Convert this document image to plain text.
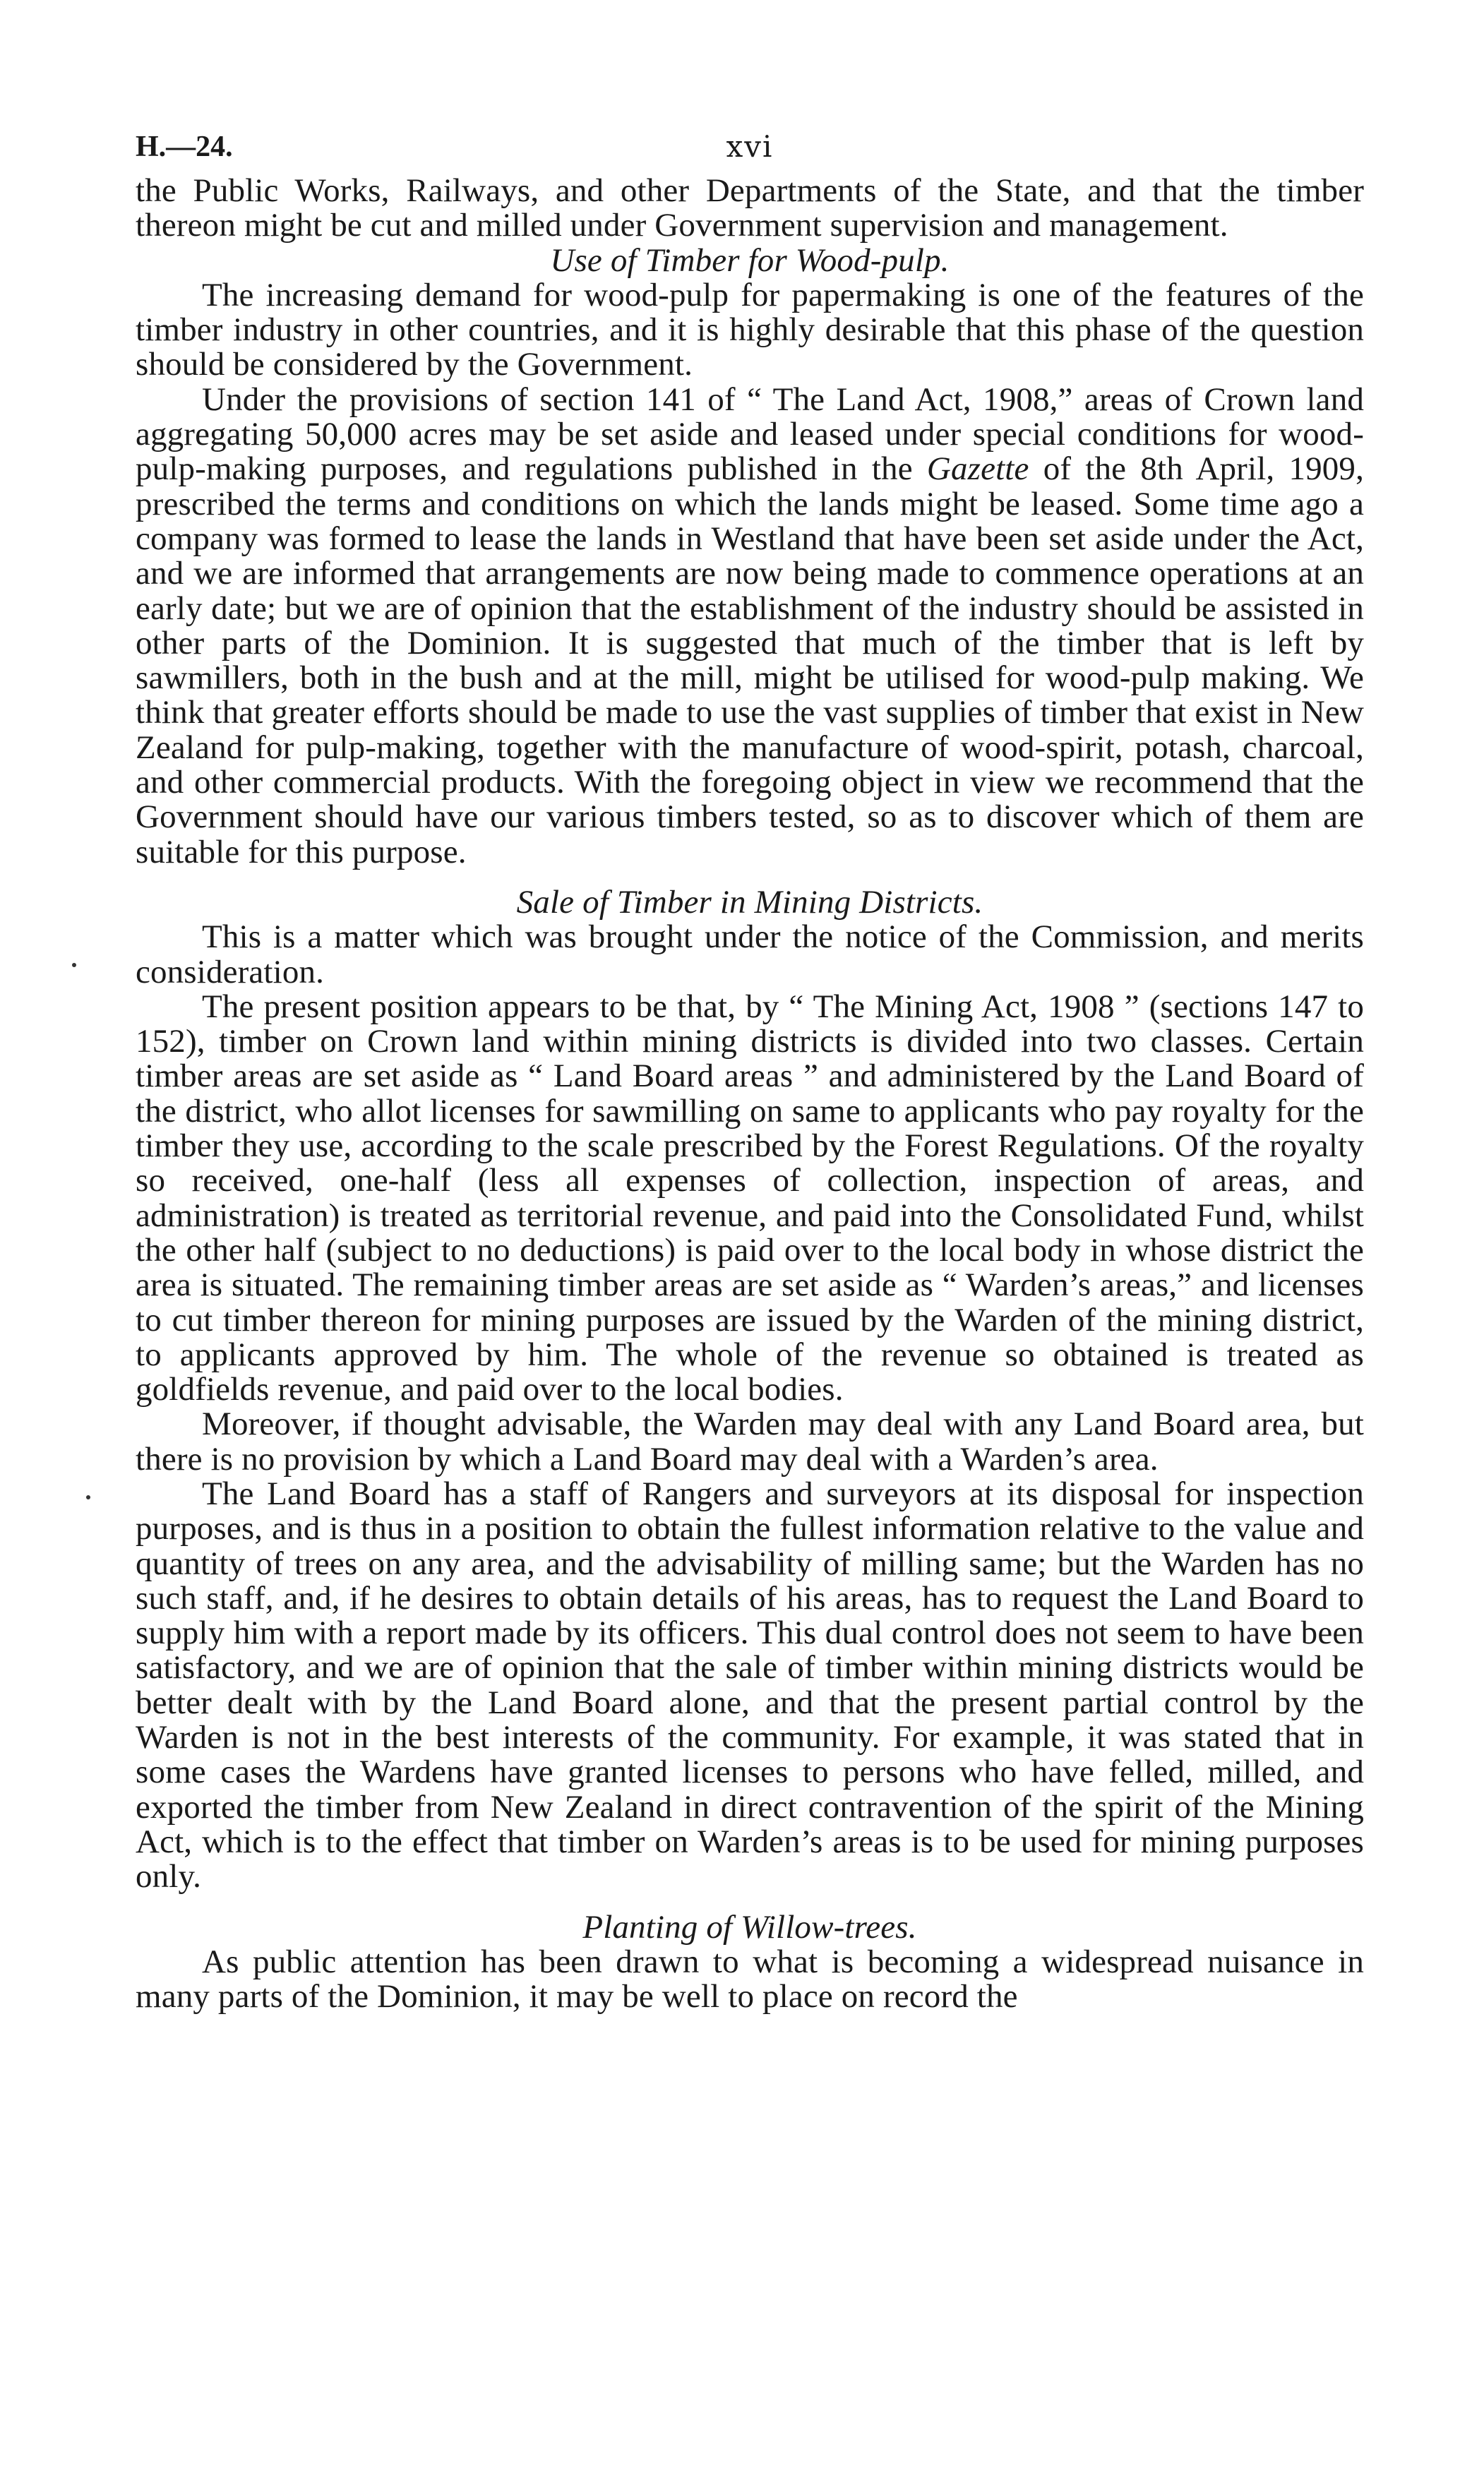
H.—24.	xvi

the Public Works, Railways, and other Departments of the State, and that the timber thereon might be cut and milled under Government supervision and management.

Use of Timber for Wood-pulp.

The increasing demand for wood-pulp for papermaking is one of the features of the timber industry in other countries, and it is highly desirable that this phase of the question should be considered by the Government.

Under the provisions of section 141 of “ The Land Act, 1908,” areas of Crown land aggregating 50,000 acres may be set aside and leased under special conditions for wood-pulp-making purposes, and regulations published in the Gazette of the 8th April, 1909, prescribed the terms and conditions on which the lands might be leased. Some time ago a company was formed to lease the lands in Westland that have been set aside under the Act, and we are informed that arrangements are now being made to commence operations at an early date; but we are of opinion that the establishment of the industry should be assisted in other parts of the Dominion. It is suggested that much of the timber that is left by sawmillers, both in the bush and at the mill, might be utilised for wood-pulp making. We think that greater efforts should be made to use the vast supplies of timber that exist in New Zealand for pulp-making, together with the manufacture of wood-spirit, potash, charcoal, and other commercial products. With the foregoing object in view we recommend that the Government should have our various timbers tested, so as to discover which of them are suitable for this purpose.

Sale of Timber in Mining Districts.

This is a matter which was brought under the notice of the Commission, and merits consideration.

The present position appears to be that, by “ The Mining Act, 1908 ” (sections 147 to 152), timber on Crown land within mining districts is divided into two classes. Certain timber areas are set aside as “ Land Board areas ” and administered by the Land Board of the district, who allot licenses for sawmilling on same to applicants who pay royalty for the timber they use, according to the scale prescribed by the Forest Regulations. Of the royalty so received, one-half (less all expenses of collection, inspection of areas, and administration) is treated as territorial revenue, and paid into the Consolidated Fund, whilst the other half (subject to no deductions) is paid over to the local body in whose district the area is situated. The remaining timber areas are set aside as “ Warden’s areas,” and licenses to cut timber thereon for mining purposes are issued by the Warden of the mining district, to applicants approved by him. The whole of the revenue so obtained is treated as goldfields revenue, and paid over to the local bodies.

Moreover, if thought advisable, the Warden may deal with any Land Board area, but there is no provision by which a Land Board may deal with a Warden’s area.

The Land Board has a staff of Rangers and surveyors at its disposal for inspection purposes, and is thus in a position to obtain the fullest information relative to the value and quantity of trees on any area, and the advisability of milling same; but the Warden has no such staff, and, if he desires to obtain details of his areas, has to request the Land Board to supply him with a report made by its officers. This dual control does not seem to have been satisfactory, and we are of opinion that the sale of timber within mining districts would be better dealt with by the Land Board alone, and that the present partial control by the Warden is not in the best interests of the community. For example, it was stated that in some cases the Wardens have granted licenses to persons who have felled, milled, and exported the timber from New Zealand in direct contravention of the spirit of the Mining Act, which is to the effect that timber on Warden’s areas is to be used for mining purposes only.

Planting of Willow-trees.

As public attention has been drawn to what is becoming a widespread nuisance in many parts of the Dominion, it may be well to place on record the
